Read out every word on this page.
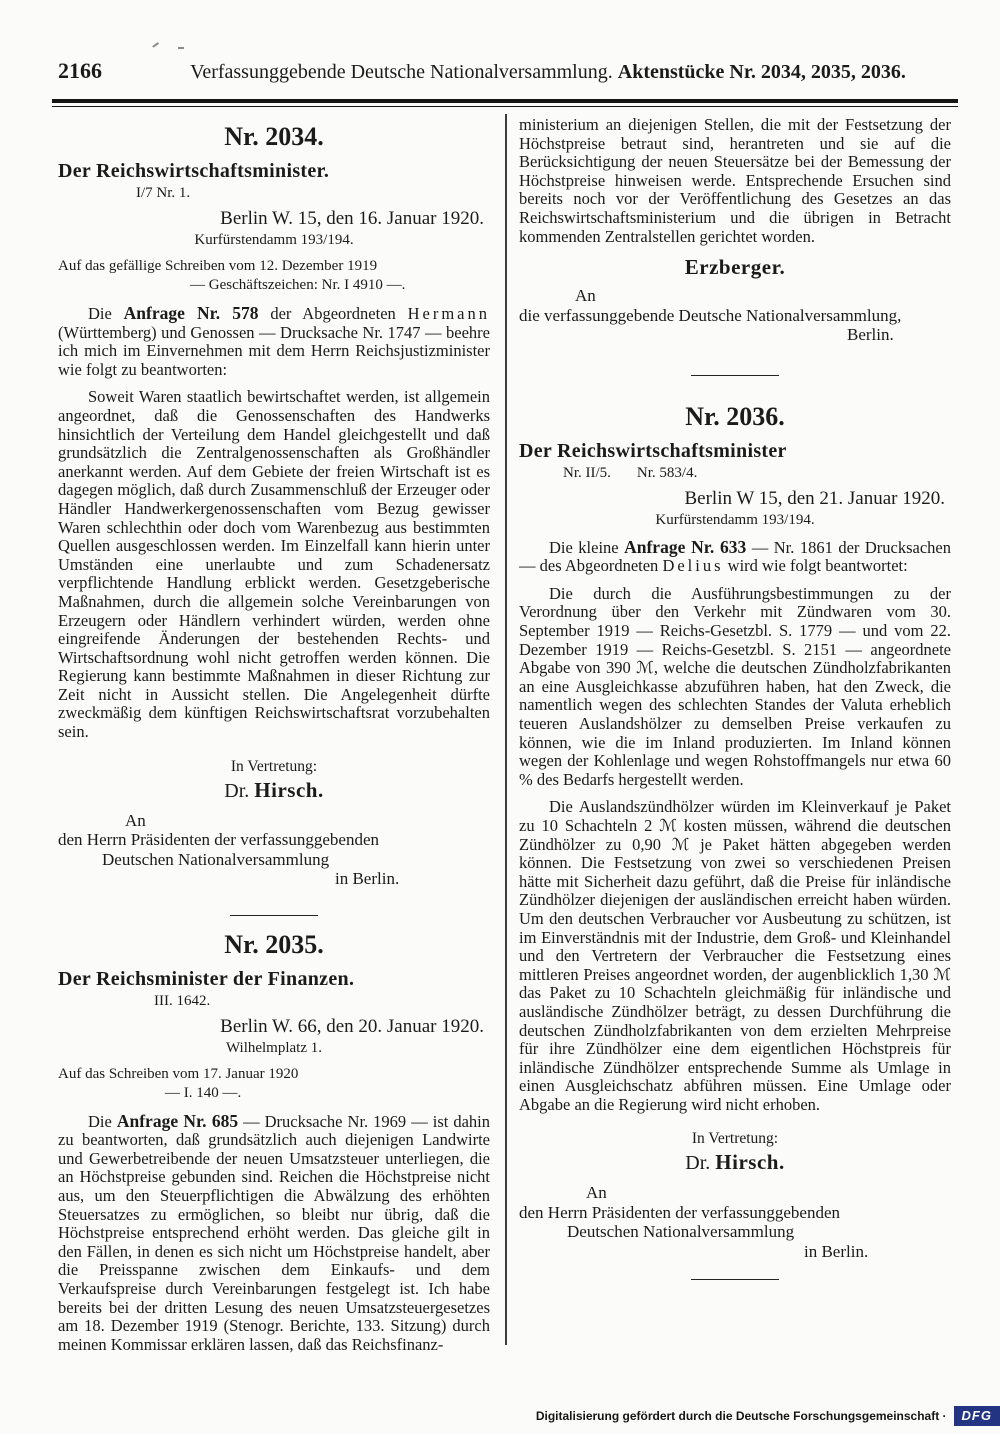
2166	Verfassunggebende Deutsche Nationalversammlung. Aktenstücke Nr. 2034, 2035, 2036.
Nr. 2034.
Der Reichswirtschaftsminister.
I/7 Nr. 1.
Berlin W. 15, den 16. Januar 1920.
Kurfürstendamm 193/194.
Auf das gefällige Schreiben vom 12. Dezember 1919
— Geschäftszeichen: Nr. I 4910 —.

Die Anfrage Nr. 578 der Abgeordneten Hermann (Württemberg) und Genossen — Drucksache Nr. 1747 — beehre ich mich im Einvernehmen mit dem Herrn Reichsjustizminister wie folgt zu beantworten:

Soweit Waren staatlich bewirtschaftet werden, ist allgemein angeordnet, daß die Genossenschaften des Handwerks hinsichtlich der Verteilung dem Handel gleichgestellt und daß grundsätzlich die Zentralgenossenschaften als Großhändler anerkannt werden. Auf dem Gebiete der freien Wirtschaft ist es dagegen möglich, daß durch Zusammenschluß der Erzeuger oder Händler Handwerkergenossenschaften vom Bezug gewisser Waren schlechthin oder doch vom Warenbezug aus bestimmten Quellen ausgeschlossen werden. Im Einzelfall kann hierin unter Umständen eine unerlaubte und zum Schadenersatz verpflichtende Handlung erblickt werden. Gesetzgeberische Maßnahmen, durch die allgemein solche Vereinbarungen von Erzeugern oder Händlern verhindert würden, werden ohne eingreifende Änderungen der bestehenden Rechts- und Wirtschaftsordnung wohl nicht getroffen werden können. Die Regierung kann bestimmte Maßnahmen in dieser Richtung zur Zeit nicht in Aussicht stellen. Die Angelegenheit dürfte zweckmäßig dem künftigen Reichswirtschaftsrat vorzubehalten sein.

In Vertretung:
Dr. Hirsch.
An
den Herrn Präsidenten der verfassunggebenden
Deutschen Nationalversammlung
in Berlin.
Nr. 2035.
Der Reichsminister der Finanzen.
III. 1642.
Berlin W. 66, den 20. Januar 1920.
Wilhelmplatz 1.
Auf das Schreiben vom 17. Januar 1920
— I. 140 —.

Die Anfrage Nr. 685 — Drucksache Nr. 1969 — ist dahin zu beantworten, daß grundsätzlich auch diejenigen Landwirte und Gewerbetreibende der neuen Umsatzsteuer unterliegen, die an Höchstpreise gebunden sind. Reichen die Höchstpreise nicht aus, um den Steuerpflichtigen die Abwälzung des erhöhten Steuersatzes zu ermöglichen, so bleibt nur übrig, daß die Höchstpreise entsprechend erhöht werden. Das gleiche gilt in den Fällen, in denen es sich nicht um Höchstpreise handelt, aber die Preisspanne zwischen dem Einkaufs- und dem Verkaufspreise durch Vereinbarungen festgelegt ist. Ich habe bereits bei der dritten Lesung des neuen Umsatzsteuergesetzes am 18. Dezember 1919 (Stenogr. Berichte, 133. Sitzung) durch meinen Kommissar erklären lassen, daß das Reichsfinanz-

ministerium an diejenigen Stellen, die mit der Festsetzung der Höchstpreise betraut sind, herantreten und sie auf die Berücksichtigung der neuen Steuersätze bei der Bemessung der Höchstpreise hinweisen werde. Entsprechende Ersuchen sind bereits noch vor der Veröffentlichung des Gesetzes an das Reichswirtschaftsministerium und die übrigen in Betracht kommenden Zentralstellen gerichtet worden.

Erzberger.
An
die verfassunggebende Deutsche Nationalversammlung,
Berlin.
Nr. 2036.
Der Reichswirtschaftsminister
Nr. II/5. Nr. 583/4.
Berlin W 15, den 21. Januar 1920.
Kurfürstendamm 193/194.

Die kleine Anfrage Nr. 633 — Nr. 1861 der Drucksachen — des Abgeordneten Delius wird wie folgt beantwortet:

Die durch die Ausführungsbestimmungen zu der Verordnung über den Verkehr mit Zündwaren vom 30. September 1919 — Reichs-Gesetzbl. S. 1779 — und vom 22. Dezember 1919 — Reichs-Gesetzbl. S. 2151 — angeordnete Abgabe von 390 ℳ, welche die deutschen Zündholzfabrikanten an eine Ausgleichkasse abzuführen haben, hat den Zweck, die namentlich wegen des schlechten Standes der Valuta erheblich teueren Auslandshölzer zu demselben Preise verkaufen zu können, wie die im Inland produzierten. Im Inland können wegen der Kohlenlage und wegen Rohstoffmangels nur etwa 60 % des Bedarfs hergestellt werden.

Die Auslandszündhölzer würden im Kleinverkauf je Paket zu 10 Schachteln 2 ℳ kosten müssen, während die deutschen Zündhölzer zu 0,90 ℳ je Paket hätten abgegeben werden können. Die Festsetzung von zwei so verschiedenen Preisen hätte mit Sicherheit dazu geführt, daß die Preise für inländische Zündhölzer diejenigen der ausländischen erreicht haben würden. Um den deutschen Verbraucher vor Ausbeutung zu schützen, ist im Einverständnis mit der Industrie, dem Groß- und Kleinhandel und den Vertretern der Verbraucher die Festsetzung eines mittleren Preises angeordnet worden, der augenblicklich 1,30 ℳ das Paket zu 10 Schachteln gleichmäßig für inländische und ausländische Zündhölzer beträgt, zu dessen Durchführung die deutschen Zündholzfabrikanten von dem erzielten Mehrpreise für ihre Zündhölzer eine dem eigentlichen Höchstpreis für inländische Zündhölzer entsprechende Summe als Umlage in einen Ausgleichschatz abführen müssen. Eine Umlage oder Abgabe an die Regierung wird nicht erhoben.

In Vertretung:
Dr. Hirsch.
An
den Herrn Präsidenten der verfassunggebenden
Deutschen Nationalversammlung
in Berlin.
Digitalisierung gefördert durch die Deutsche Forschungsgemeinschaft ·	DFG
